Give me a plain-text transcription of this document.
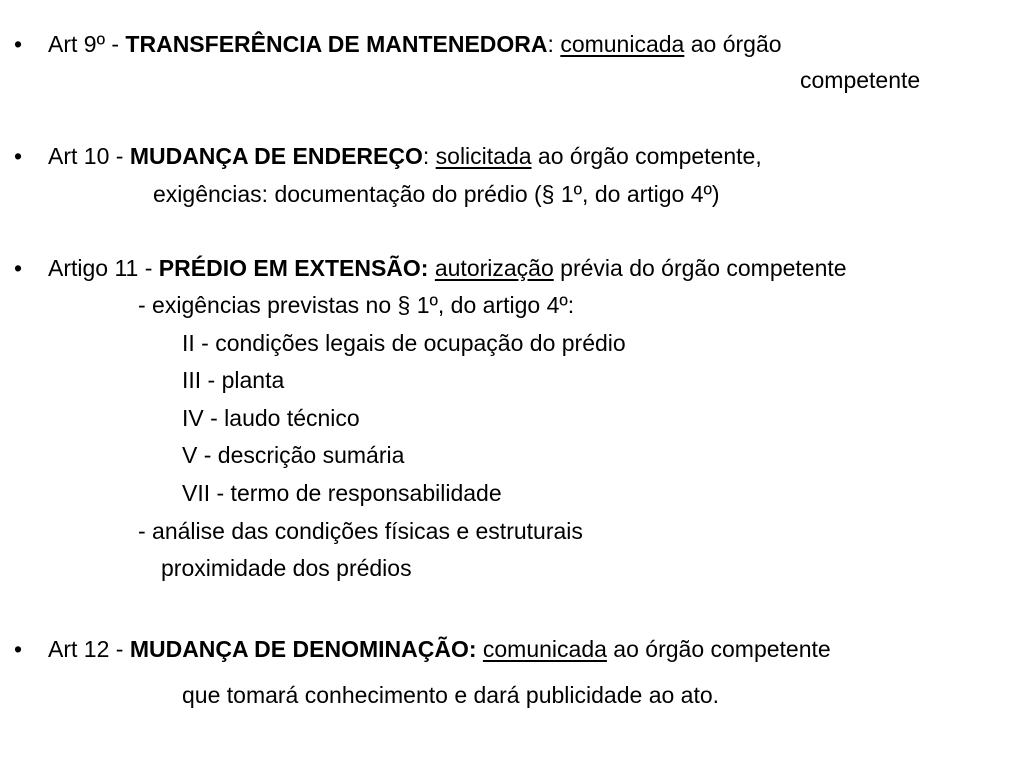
• Art 9º - TRANSFERÊNCIA DE MANTENEDORA: comunicada ao órgão
competente
• Art 10 - MUDANÇA DE ENDEREÇO: solicitada ao órgão competente,
exigências: documentação do prédio (§ 1º, do artigo 4º)
• Artigo 11 - PRÉDIO EM EXTENSÃO: autorização prévia do órgão competente
- exigências previstas no § 1º, do artigo 4º:
II - condições legais de ocupação do prédio
III - planta
IV - laudo técnico
V - descrição sumária
VII - termo de responsabilidade
- análise das condições físicas e estruturais
proximidade dos prédios
• Art 12 - MUDANÇA DE DENOMINAÇÃO: comunicada ao órgão competente
que tomará conhecimento e dará publicidade ao ato.
